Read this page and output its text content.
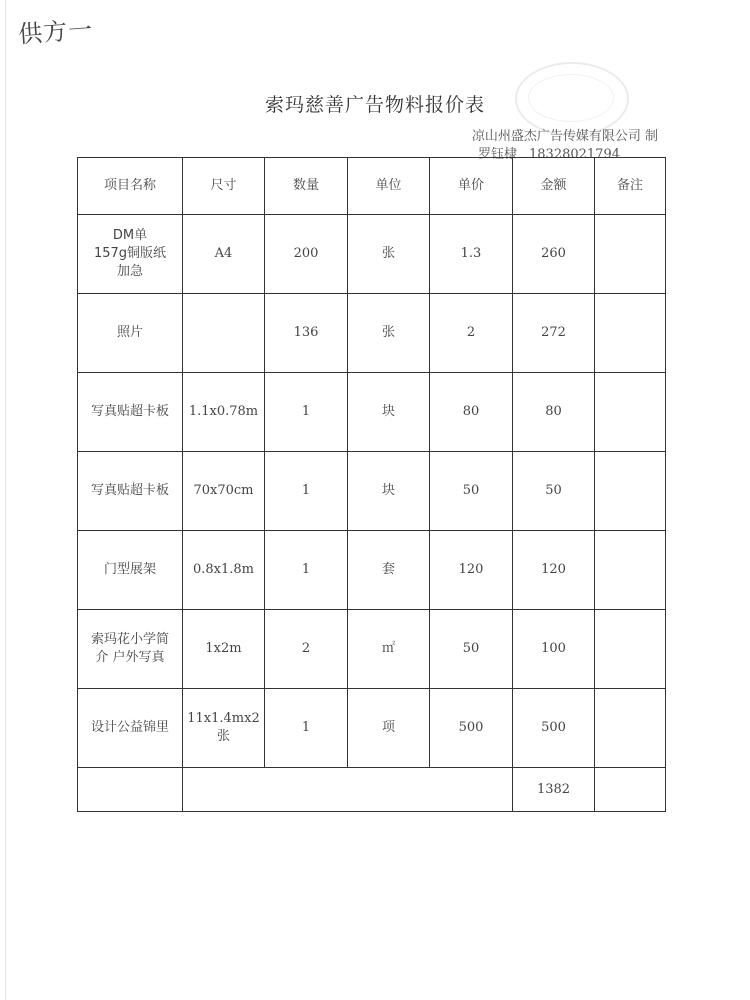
供方一
索玛慈善广告物料报价表
凉山州盛杰广告传媒有限公司 制
罗钰棣 18328021794
项目名称	尺寸	数量	单位	单价	金额	备注
DM单
157g铜版纸
加急	A4	200	张	1.3	260	
照片		136	张	2	272	
写真贴超卡板	1.1x0.78m	1	块	80	80	
写真贴超卡板	70x70cm	1	块	50	50	
门型展架	0.8x1.8m	1	套	120	120	
索玛花小学简
介 户外写真	1x2m	2	㎡	50	100	
设计公益锦里	11x1.4mx2
张	1	项	500	500	
					1382	
